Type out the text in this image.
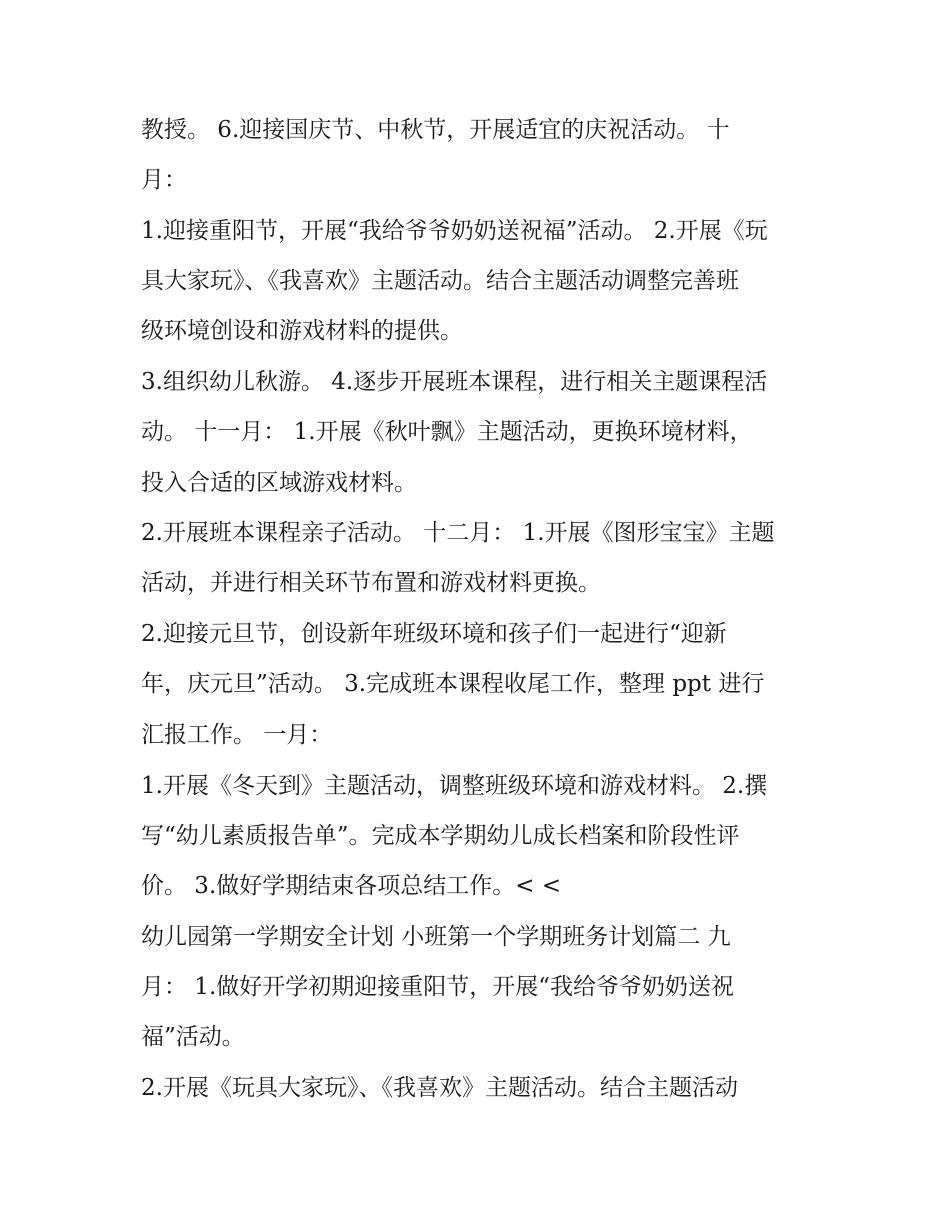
教授。 6.迎接国庆节、中秋节，开展适宜的庆祝活动。 十
月：
1.迎接重阳节，开展“我给爷爷奶奶送祝福”活动。 2.开展《玩
具大家玩》、《我喜欢》主题活动。结合主题活动调整完善班
级环境创设和游戏材料的提供。
3.组织幼儿秋游。 4.逐步开展班本课程，进行相关主题课程活
动。 十一月： 1.开展《秋叶飘》主题活动，更换环境材料，
投入合适的区域游戏材料。
2.开展班本课程亲子活动。 十二月： 1.开展《图形宝宝》主题
活动，并进行相关环节布置和游戏材料更换。
2.迎接元旦节，创设新年班级环境和孩子们一起进行“迎新
年，庆元旦”活动。 3.完成班本课程收尾工作，整理 ppt 进行
汇报工作。 一月：
1.开展《冬天到》主题活动，调整班级环境和游戏材料。 2.撰
写“幼儿素质报告单”。完成本学期幼儿成长档案和阶段性评
价。 3.做好学期结束各项总结工作。< <
幼儿园第一学期安全计划 小班第一个学期班务计划篇二 九
月： 1.做好开学初期迎接重阳节，开展“我给爷爷奶奶送祝
福”活动。
2.开展《玩具大家玩》、《我喜欢》主题活动。结合主题活动
